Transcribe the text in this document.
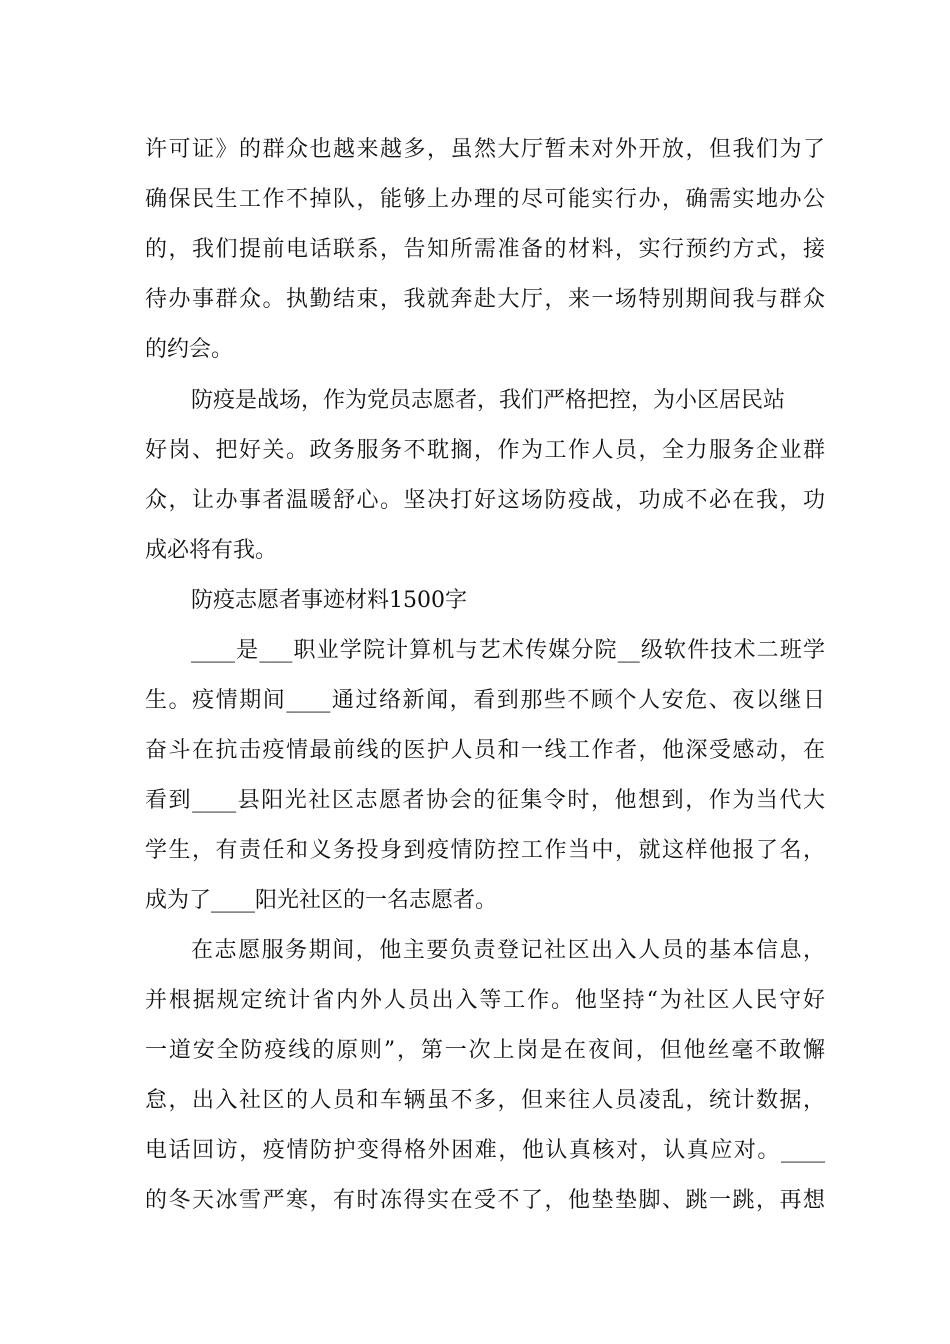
许可证》的群众也越来越多，虽然大厅暂未对外开放，但我们为了
确保民生工作不掉队，能够上办理的尽可能实行办，确需实地办公
的，我们提前电话联系，告知所需准备的材料，实行预约方式，接
待办事群众。执勤结束，我就奔赴大厅，来一场特别期间我与群众
的约会。
防疫是战场，作为党员志愿者，我们严格把控，为小区居民站
好岗、把好关。政务服务不耽搁，作为工作人员，全力服务企业群
众，让办事者温暖舒心。坚决打好这场防疫战，功成不必在我，功
成必将有我。
防疫志愿者事迹材料1500字
____是___职业学院计算机与艺术传媒分院__级软件技术二班学
生。疫情期间____通过络新闻，看到那些不顾个人安危、夜以继日
奋斗在抗击疫情最前线的医护人员和一线工作者，他深受感动，在
看到____县阳光社区志愿者协会的征集令时，他想到，作为当代大
学生，有责任和义务投身到疫情防控工作当中，就这样他报了名，
成为了____阳光社区的一名志愿者。
在志愿服务期间，他主要负责登记社区出入人员的基本信息，
并根据规定统计省内外人员出入等工作。他坚持“为社区人民守好
一道安全防疫线的原则”，第一次上岗是在夜间，但他丝毫不敢懈
怠，出入社区的人员和车辆虽不多，但来往人员凌乱，统计数据，
电话回访，疫情防护变得格外困难，他认真核对，认真应对。____
的冬天冰雪严寒，有时冻得实在受不了，他垫垫脚、跳一跳，再想
